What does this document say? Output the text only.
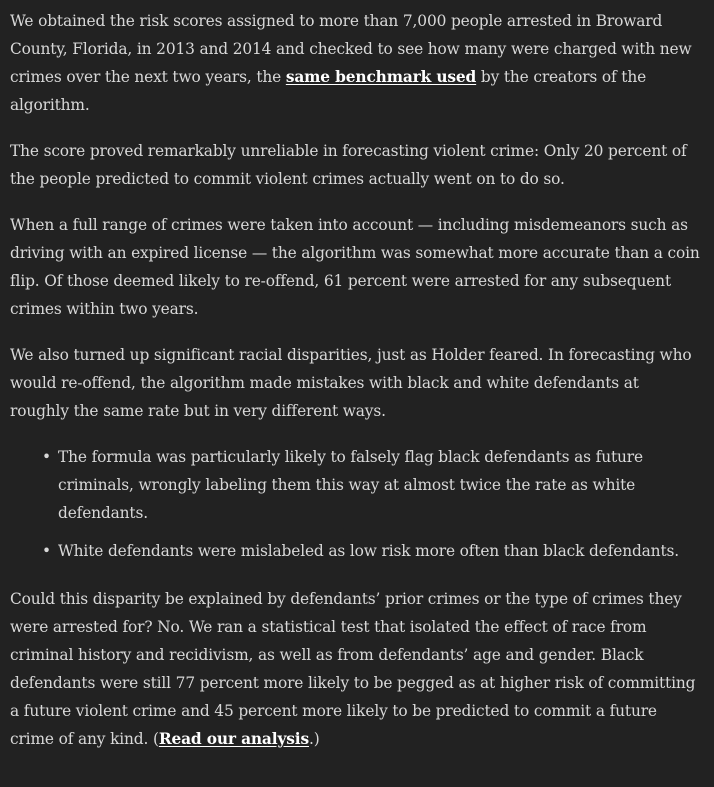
We obtained the risk scores assigned to more than 7,000 people arrested in Broward County, Florida, in 2013 and 2014 and checked to see how many were charged with new crimes over the next two years, the same benchmark used by the creators of the algorithm.

The score proved remarkably unreliable in forecasting violent crime: Only 20 percent of the people predicted to commit violent crimes actually went on to do so.

When a full range of crimes were taken into account — including misdemeanors such as driving with an expired license — the algorithm was somewhat more accurate than a coin flip. Of those deemed likely to re-offend, 61 percent were arrested for any subsequent crimes within two years.

We also turned up significant racial disparities, just as Holder feared. In forecasting who would re-offend, the algorithm made mistakes with black and white defendants at roughly the same rate but in very different ways.

• The formula was particularly likely to falsely flag black defendants as future criminals, wrongly labeling them this way at almost twice the rate as white defendants.
• White defendants were mislabeled as low risk more often than black defendants.

Could this disparity be explained by defendants’ prior crimes or the type of crimes they were arrested for? No. We ran a statistical test that isolated the effect of race from criminal history and recidivism, as well as from defendants’ age and gender. Black defendants were still 77 percent more likely to be pegged as at higher risk of committing a future violent crime and 45 percent more likely to be predicted to commit a future crime of any kind. (Read our analysis.)
